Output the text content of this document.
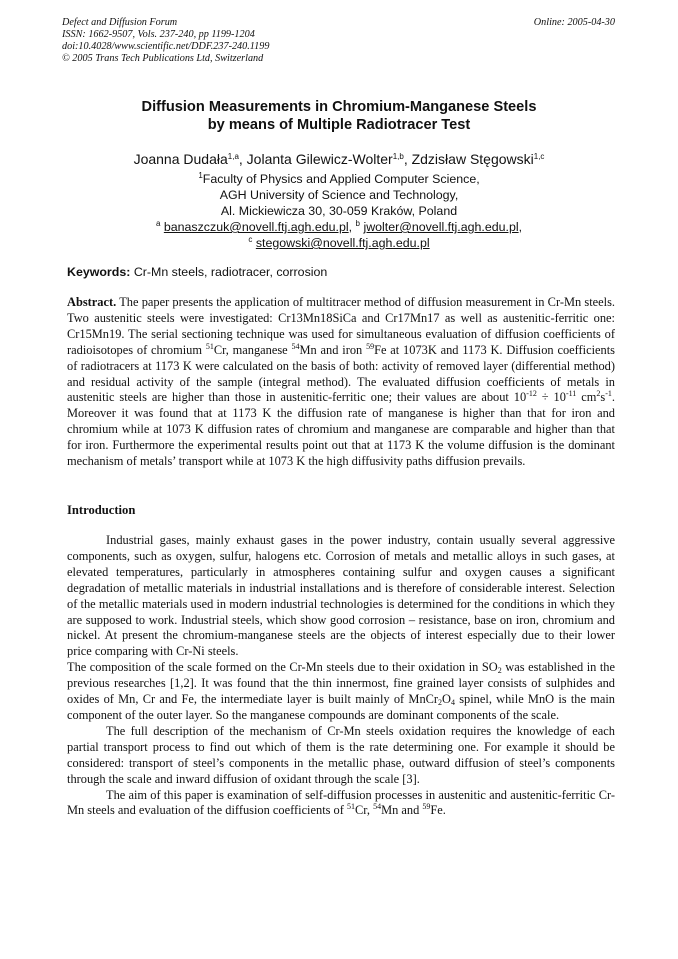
Defect and Diffusion Forum
ISSN: 1662-9507, Vols. 237-240, pp 1199-1204
doi:10.4028/www.scientific.net/DDF.237-240.1199
© 2005 Trans Tech Publications Ltd, Switzerland
Online: 2005-04-30
Diffusion Measurements in Chromium-Manganese Steels
by means of Multiple Radiotracer Test
Joanna Dudała$^{1,a}$, Jolanta Gilewicz-Wolter$^{1,b}$, Zdzisław Stęgowski$^{1,c}$
$^1$Faculty of Physics and Applied Computer Science,
AGH University of Science and Technology,
Al. Mickiewicza 30, 30-059 Kraków, Poland
$^a$ banaszczuk@novell.ftj.agh.edu.pl, $^b$ jwolter@novell.ftj.agh.edu.pl,
$^c$ stegowski@novell.ftj.agh.edu.pl
Keywords: Cr-Mn steels, radiotracer, corrosion
Abstract. The paper presents the application of multitracer method of diffusion measurement in Cr-Mn steels. Two austenitic steels were investigated: Cr13Mn18SiCa and Cr17Mn17 as well as austenitic-ferritic one: Cr15Mn19. The serial sectioning technique was used for simultaneous evaluation of diffusion coefficients of radioisotopes of chromium $^{51}$Cr, manganese $^{54}$Mn and iron $^{59}$Fe at 1073K and 1173 K. Diffusion coefficients of radiotracers at 1173 K were calculated on the basis of both: activity of removed layer (differential method) and residual activity of the sample (integral method). The evaluated diffusion coefficients of metals in austenitic steels are higher than those in austenitic-ferritic one; their values are about $10^{-12} \div 10^{-11}$ $cm^2s^{-1}$. Moreover it was found that at 1173 K the diffusion rate of manganese is higher than that for iron and chromium while at 1073 K diffusion rates of chromium and manganese are comparable and higher than that for iron. Furthermore the experimental results point out that at 1173 K the volume diffusion is the dominant mechanism of metals’ transport while at 1073 K the high diffusivity paths diffusion prevails.
Introduction

Industrial gases, mainly exhaust gases in the power industry, contain usually several aggressive components, such as oxygen, sulfur, halogens etc. Corrosion of metals and metallic alloys in such gases, at elevated temperatures, particularly in atmospheres containing sulfur and oxygen causes a significant degradation of metallic materials in industrial installations and is therefore of considerable interest. Selection of the metallic materials used in modern industrial technologies is determined for the conditions in which they are supposed to work. Industrial steels, which show good corrosion – resistance, base on iron, chromium and nickel. At present the chromium-manganese steels are the objects of interest especially due to their lower price comparing with Cr-Ni steels.

The composition of the scale formed on the Cr-Mn steels due to their oxidation in $SO_2$ was established in the previous researches [1,2]. It was found that the thin innermost, fine grained layer consists of sulphides and oxides of Mn, Cr and Fe, the intermediate layer is built mainly of $MnCr_2O_4$ spinel, while MnO is the main component of the outer layer. So the manganese compounds are dominant components of the scale.

The full description of the mechanism of Cr-Mn steels oxidation requires the knowledge of each partial transport process to find out which of them is the rate determining one. For example it should be considered: transport of steel’s components in the metallic phase, outward diffusion of steel’s components through the scale and inward diffusion of oxidant through the scale [3].

The aim of this paper is examination of self-diffusion processes in austenitic and austenitic-ferritic Cr-Mn steels and evaluation of the diffusion coefficients of $^{51}$Cr, $^{54}$Mn and $^{59}$Fe.
